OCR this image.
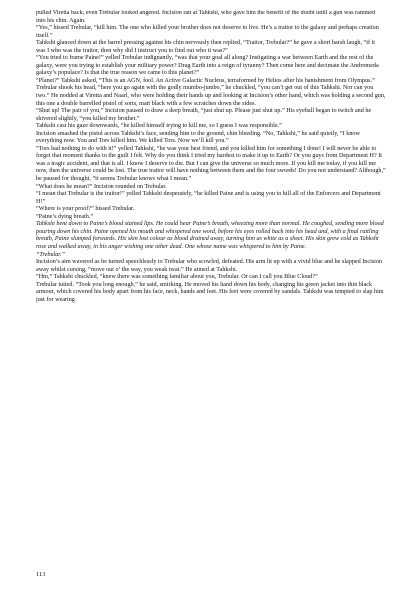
pulled Viretta back; even Trebular looked angered. Incision ran at Tahkshi, who gave him the benefit of the doubt until a gun was rammed into his chin. Again.

“Yes,” hissed Trebular, “kill him. The one who killed your brother does not deserve to live. He’s a traitor to the galaxy and perhaps creation itself.”

Tahkshi glanced down at the barrel pressing against his chin nervously then replied, “Traitor, Trebular?” he gave a short harsh laugh, “if it was I who was the traitor, then why did I instruct you to find out who it was?”

“You tried to frame Paine!” yelled Trebular indignantly, “was that your goal all along? Instigating a war between Earth and the rest of the galaxy, were you trying to establish your military power? Drag Earth into a reign of tyranny? Then come here and decimate the Andromeda galaxy’s populace? Is that the true reason we came to this planet?”

“Planet?” Tahkshi asked, “This is an AGN, fool. An Active Galactic Nucleus, terraformed by Helios after his banishment from Olympus.”

Trebular shook his head, “here you go again with the godly mumbo-jumbo,” he chuckled, “you can’t get out of this Tahkshi. Nor can you two.” He nodded at Viretta and Naarl, who were holding their hands up and looking at Incision’s other hand, which was holding a second gun, this one a double barrelled pistol of sorts, matt black with a few scratches down the sides.

“Shut up! The pair of you,” Incision paused to draw a deep breath, “just shut up. Please just shut up.” His eyeball began to twitch and he shivered slightly, “you killed my brother.”

Tahkshi cast his gaze downwards, “he killed himself trying to kill me, so I guess I was responsible.”

Incision smashed the pistol across Tahkshi’s face, sending him to the ground, chin bleeding. “No, Tahkshi,” he said quietly, “I know everything now. You and Tors killed him. We killed Tors. Now we’ll kill you.”

“Tors had nothing to do with it!” yelled Tahkshi, “he was your best friend, and you killed him for something I done! I will never be able to forget that moment thanks to the guilt I felt. Why do you think I tried my hardest to make it up to Earth? Or you guys from Department H? It was a tragic accident, and that is all. I know I deserve to die. But I can give the universe so much more. If you kill me today, if you kill me now, then the universe could be lost. The true traitor will have nothing between them and the four swords! Do you not understand? Although,” he paused for thought, “it seems Trebular knows what I mean.”

“What does he mean?” Incision rounded on Trebular.

“I mean that Trebular is the traitor!” yelled Tahkshi desperately, “he killed Paine and is using you to kill all of the Enforcers and Department H!”

“Where is your proof?” hissed Trebular.

“Paine’s dying breath.”

Tahkshi bent down to Paine’s blood stained lips. He could hear Paine’s breath, wheezing more than normal. He coughed, sending more blood pouring down his chin. Paine opened his mouth and whispered one word, before his eyes rolled back into his head and, with a final rattling breath, Paine slumped forwards. His skin lost colour as blood drained away, turning him as white as a sheet. His skin grew cold as Tahkshi rose and walked away, in his anger wishing one other dead. One whose name was whispered to him by Paine.

“Trebular.”

Incision’s aim wavered as he turned speechlessly to Trebular who scowled, defeated. His arm lit up with a vivid blue and he slapped Incision away whilst cursing, “move out o’ the way, you weak twat.” He aimed at Tahkshi.

“Hm,” Tahkshi chuckled, “knew there was something familiar about you, Trebular. Or can I call you Blue Cloud?”

Trebular tutted. “Took you long enough,” he said, smirking. He moved his hand down his body, changing his green jacket into thin black armour, which covered his body apart from his face, neck, hands and feet. His feet were covered by sandals. Tahkshi was tempted to slap him just for wearing

113
